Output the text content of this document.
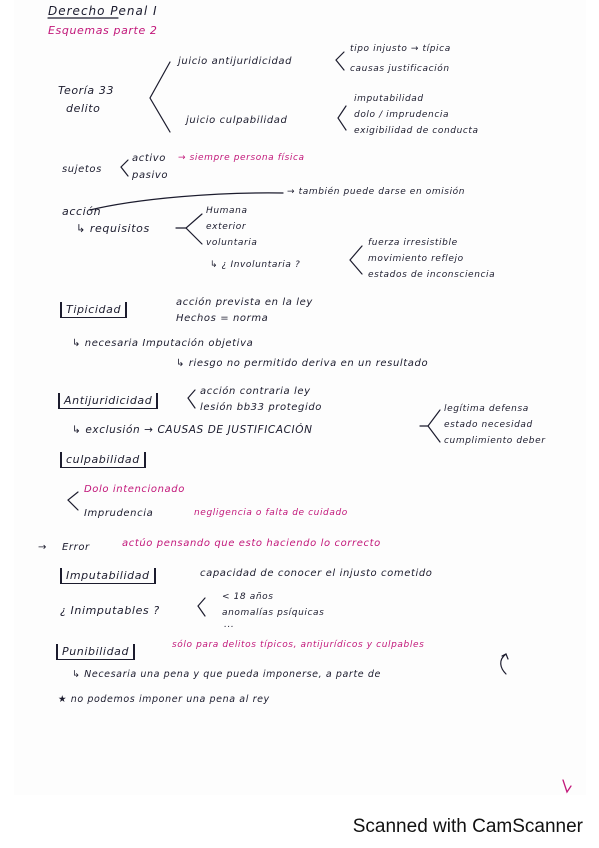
Derecho Penal I
Esquemas parte 2
Teoría 33
delito
juicio antijuridicidad
tipo injusto → típica
causas justificación
juicio culpabilidad
imputabilidad
dolo / imprudencia
exigibilidad de conducta
sujetos
activo → siempre persona física
pasivo
acción
→ también puede darse en omisión
↳ requisitos
Humana
exterior
voluntaria
↳ ¿ Involuntaria ?
fuerza irresistible
movimiento reflejo
estados de inconsciencia
Tipicidad
acción prevista en la ley
Hechos = norma
↳ necesaria Imputación objetiva
↳ riesgo no permitido deriva en un resultado
Antijuridicidad
acción contraria ley
lesión bb33 protegido
↳ exclusión → CAUSAS DE JUSTIFICACIÓN
legítima defensa
estado necesidad
cumplimiento deber
culpabilidad
Dolo intencionado
Imprudencia	negligencia o falta de cuidado
→ Error	actúo pensando que esto haciendo lo correcto
Imputabilidad	capacidad de conocer el injusto cometido
¿ Inimputables ?
< 18 años
anomalías psíquicas
...
Punibilidad	sólo para delitos típicos, antijurídicos y culpables
↳ Necesaria una pena y que pueda imponerse, a parte de
★ no podemos imponer una pena al rey
Scanned with CamScanner
